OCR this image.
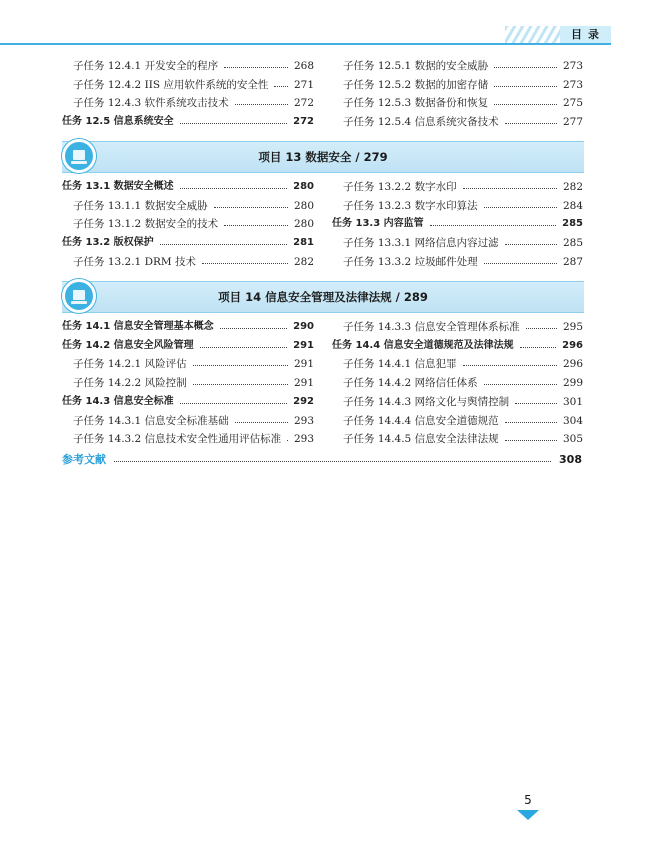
目录
子任务 12.4.1 开发安全的程序	268
子任务 12.4.2 IIS 应用软件系统的安全性 271
子任务 12.4.3 软件系统攻击技术	272
任务 12.5 信息系统安全	272
子任务 12.5.1 数据的安全威胁	273
子任务 12.5.2 数据的加密存储	273
子任务 12.5.3 数据备份和恢复	275
子任务 12.5.4 信息系统灾备技术	277
任务 13.1 数据安全概述	280
子任务 13.1.1 数据安全威胁	280
子任务 13.1.2 数据安全的技术	280
任务 13.2 版权保护	281
子任务 13.2.1 DRM 技术	282
子任务 13.2.2 数字水印	282
子任务 13.2.3 数字水印算法	284
任务 13.3 内容监管	285
子任务 13.3.1 网络信息内容过滤	285
子任务 13.3.2 垃圾邮件处理	287
任务 14.1 信息安全管理基本概念	290
任务 14.2 信息安全风险管理	291
子任务 14.2.1 风险评估	291
子任务 14.2.2 风险控制	291
任务 14.3 信息安全标准	292
子任务 14.3.1 信息安全标准基础	293
子任务 14.3.2 信息技术安全性通用评估标准 293
子任务 14.3.3 信息安全管理体系标准	295
任务 14.4 信息安全道德规范及法律法规	296
子任务 14.4.1 信息犯罪	296
子任务 14.4.2 网络信任体系	299
子任务 14.4.3 网络文化与舆情控制	301
子任务 14.4.4 信息安全道德规范	304
子任务 14.4.5 信息安全法律法规	305
项目 13 数据安全 / 279
项目 14 信息安全管理及法律法规 / 289
参考文献	308
5
